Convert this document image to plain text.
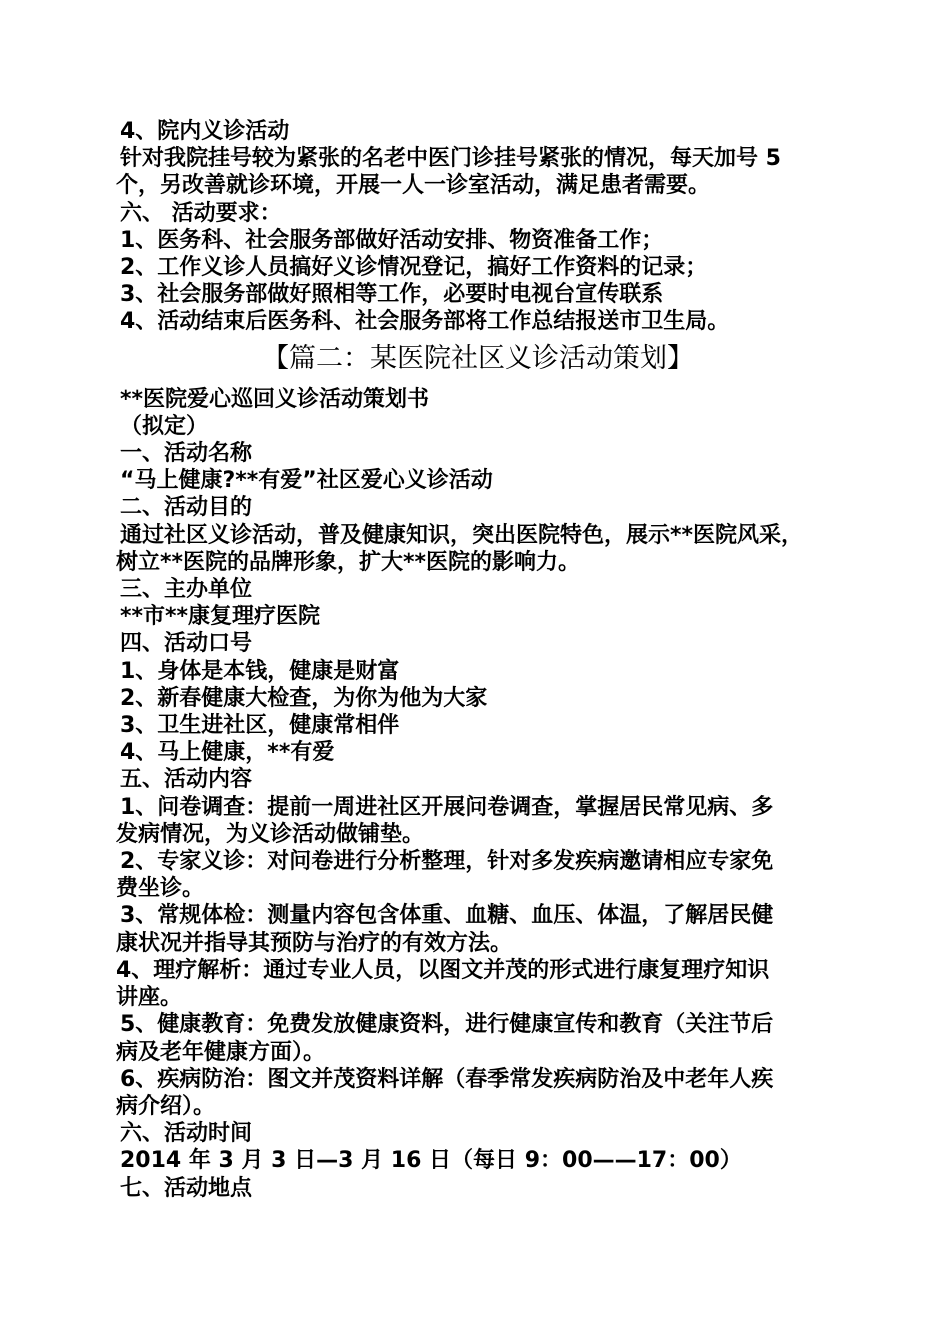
4、院内义诊活动
针对我院挂号较为紧张的名老中医门诊挂号紧张的情况，每天加号 5
个，另改善就诊环境，开展一人一诊室活动，满足患者需要。
六、 活动要求：
1、医务科、社会服务部做好活动安排、物资准备工作；
2、工作义诊人员搞好义诊情况登记，搞好工作资料的记录；
3、社会服务部做好照相等工作，必要时电视台宣传联系
4、活动结束后医务科、社会服务部将工作总结报送市卫生局。
【篇二：某医院社区义诊活动策划】
**医院爱心巡回义诊活动策划书
（拟定）
一、活动名称
“马上健康?**有爱”社区爱心义诊活动
二、活动目的
通过社区义诊活动，普及健康知识，突出医院特色，展示**医院风采，
树立**医院的品牌形象，扩大**医院的影响力。
三、主办单位
**市**康复理疗医院
四、活动口号
1、身体是本钱，健康是财富
2、新春健康大检查，为你为他为大家
3、卫生进社区，健康常相伴
4、马上健康，**有爱
五、活动内容
1、问卷调查：提前一周进社区开展问卷调查，掌握居民常见病、多
发病情况，为义诊活动做铺垫。
2、专家义诊：对问卷进行分析整理，针对多发疾病邀请相应专家免
费坐诊。
3、常规体检：测量内容包含体重、血糖、血压、体温，了解居民健
康状况并指导其预防与治疗的有效方法。
4、理疗解析：通过专业人员，以图文并茂的形式进行康复理疗知识
讲座。
5、健康教育：免费发放健康资料，进行健康宣传和教育（关注节后
病及老年健康方面）。
6、疾病防治：图文并茂资料详解（春季常发疾病防治及中老年人疾
病介绍）。
六、活动时间
2014 年 3 月 3 日—3 月 16 日（每日 9：00——17：00）
七、活动地点
